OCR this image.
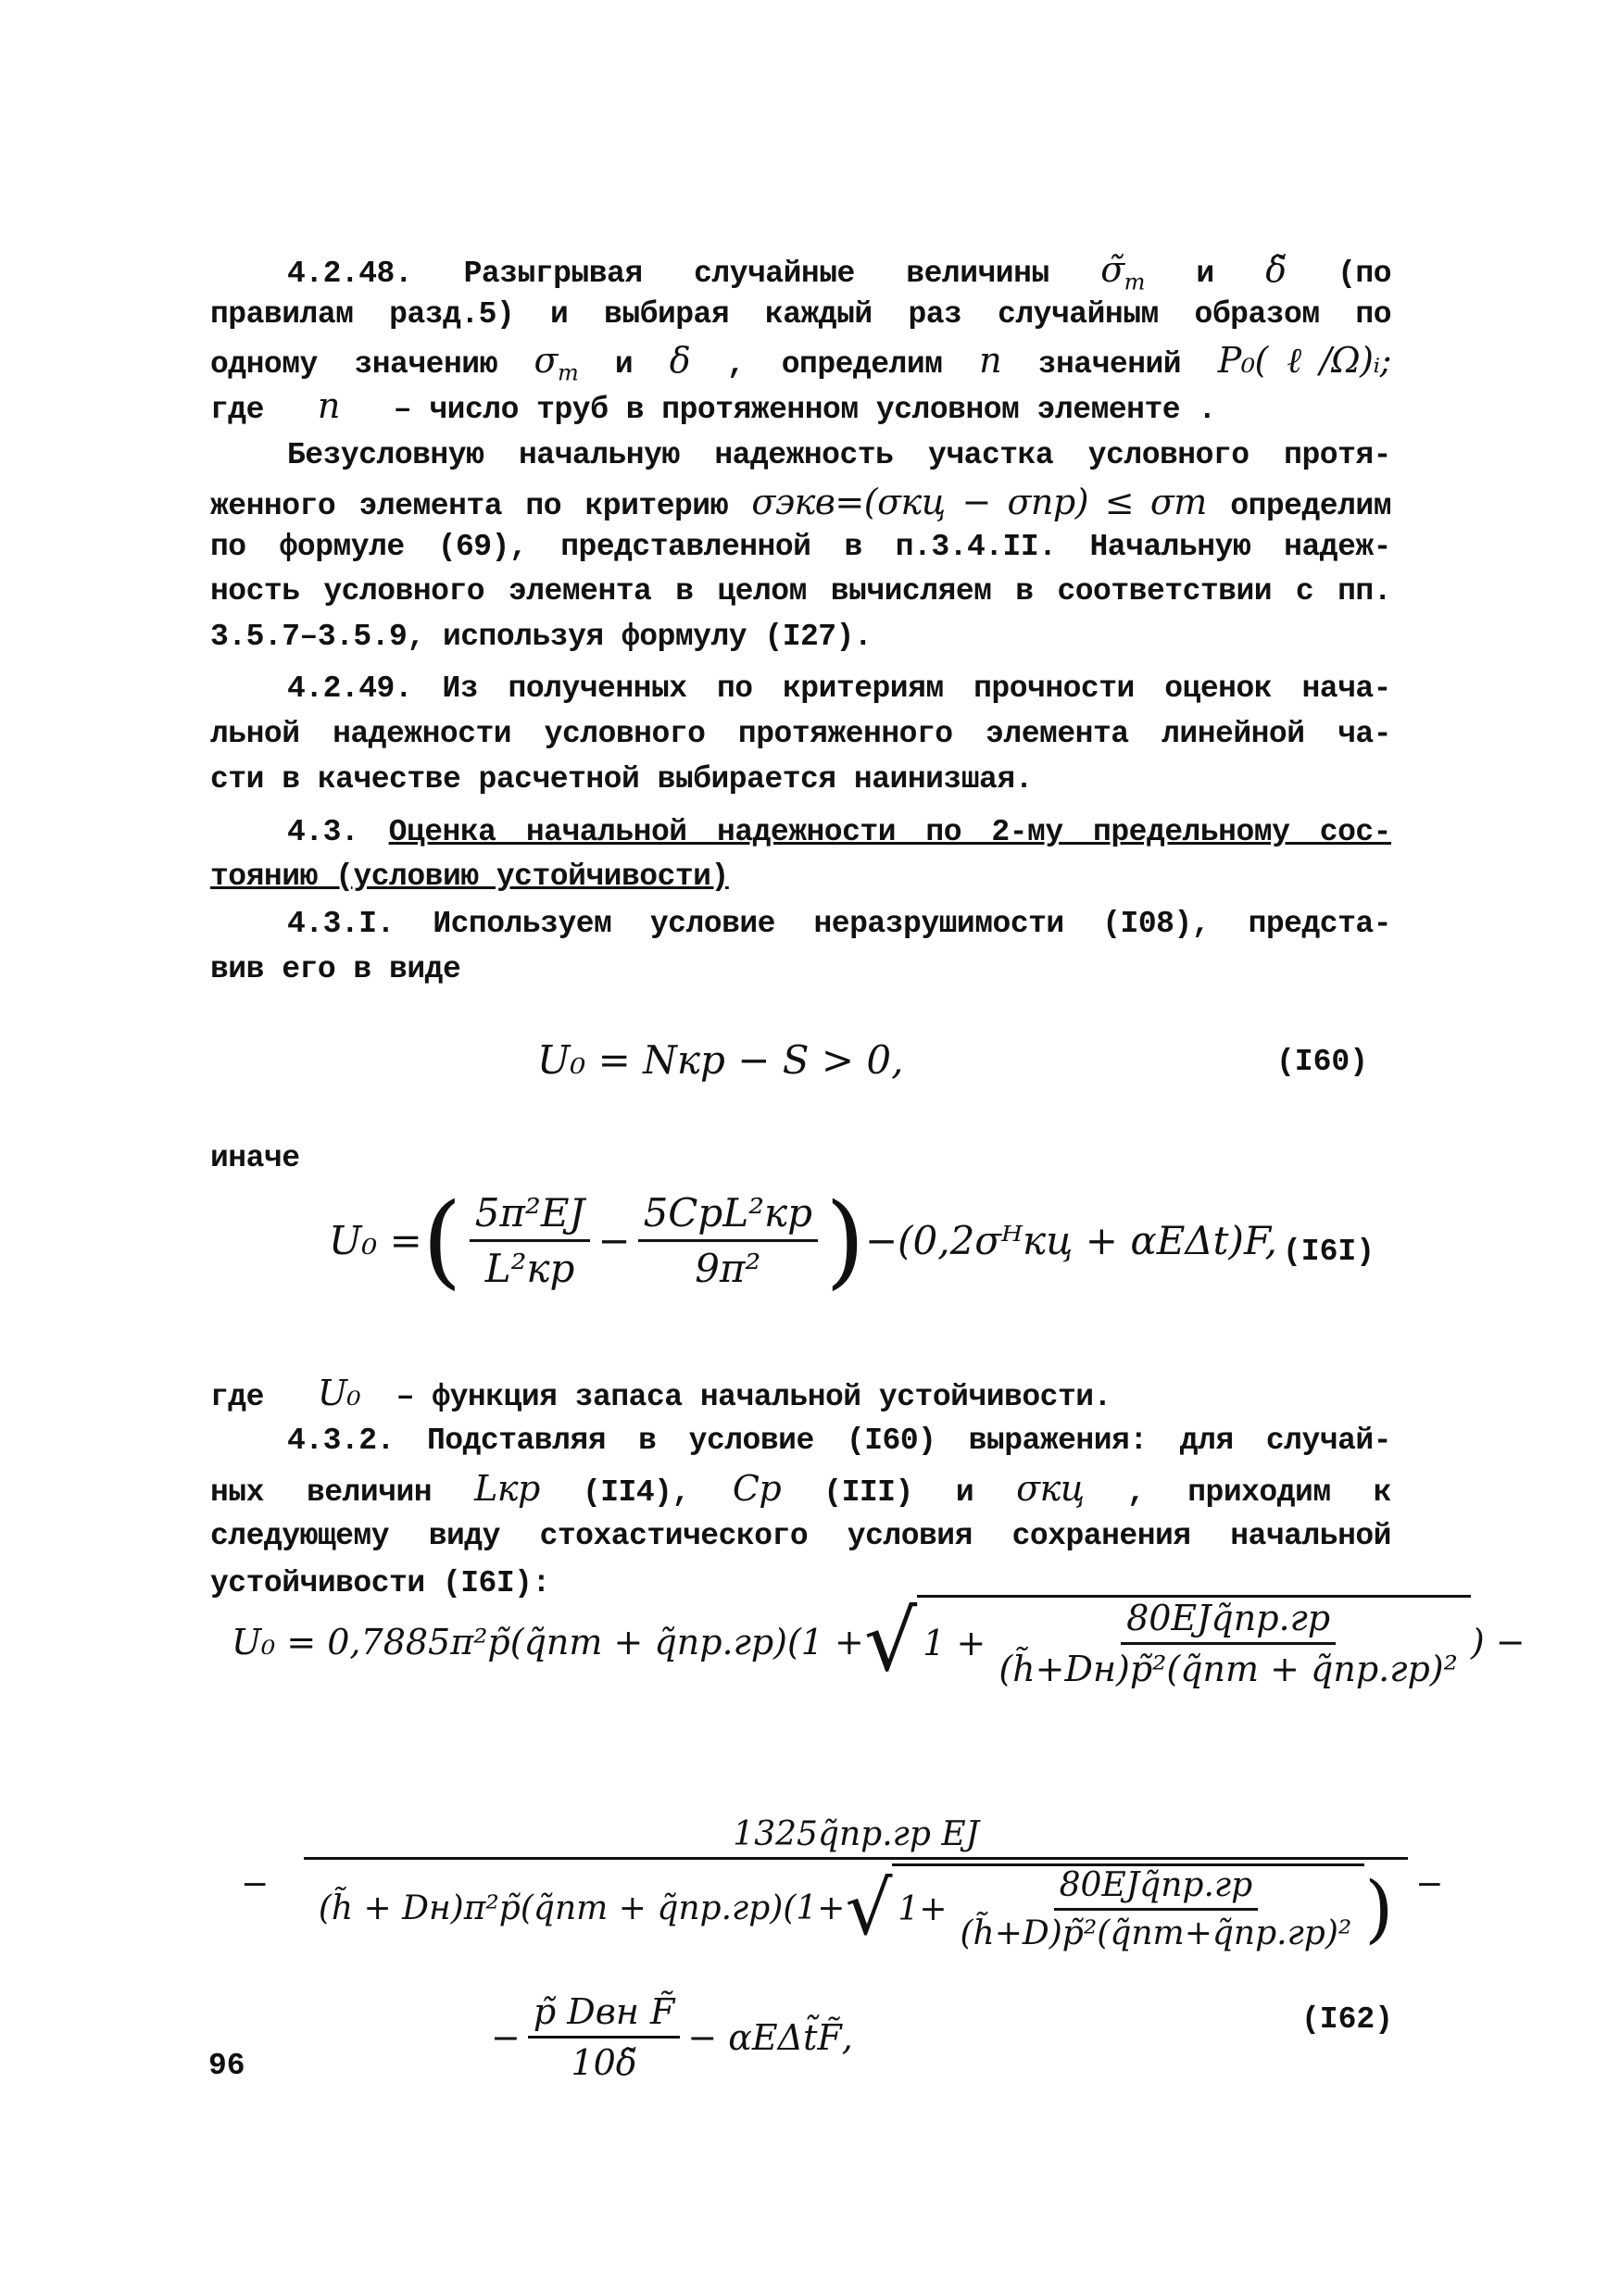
4.2.48. Разыгрывая случайные величины $\sigmã_т$ и δ̃ (по
правилам разд.5) и выбирая каждый раз случайным образом по
одному значению $\sigma_т$ и δ , определим n значений P₀(ℓ/Ω)ᵢ;
где n – число труб в протяженном условном элементе .
Безусловную начальную надежность участка условного протя-
женного элемента по критерию σэкв=(σкц − σпр) ≤ σт определим
по формуле (69), представленной в п.3.4.II. Начальную надеж-
ность условного элемента в целом вычисляем в соответствии с пп.
3.5.7–3.5.9, используя формулу (I27).
4.2.49. Из полученных по критериям прочности оценок нача-
льной надежности условного протяженного элемента линейной ча-
сти в качестве расчетной выбирается наинизшая.
4.3. Оценка начальной надежности по 2-му предельному сос-
тоянию (условию устойчивости)
4.3.I. Используем условие неразрушимости (I08), предста-
вив его в виде
U₀ = Nкр − S > 0,	(I60)
иначе
U₀ = ( $\frac{\text{5π²EJ}}{\text{L²кр}} - \frac{\text{5CpL²кр}}{\text{9π²}}$ ) −(0,2σᴴкц + αEΔt)F, (I6I)
где U₀ – функция запаса начальной устойчивости.
4.3.2. Подставляя в условие (I60) выражения: для случай-
ных величин Lкр (II4), Cp (III) и σкц , приходим к
следующему виду стохастического условия сохранения начальной
устойчивости (I6I):
U₀ = 0,7885π²p̃(q̃пт + q̃пр.гр)(1 + √ $1 + \frac{\text{80EJq̃пр.гр}}{\text{(h̃+Dн)p̃²(q̃пт + q̃пр.гр)²}}$ ) −
−
1325q̃пр.гр EJ
(h̃ + Dн)π²p̃(q̃пт + q̃пр.гр)(1+ √ $1+ \frac{\text{80EJq̃пр.гр}}{\text{(h̃+D)p̃²(q̃пт+q̃пр.гр)²}}$ ) −
− $\frac{\text{p̃ Dвн F̃}}{10\deltã}$ − αEΔt̃F̃,	(I62)
96
